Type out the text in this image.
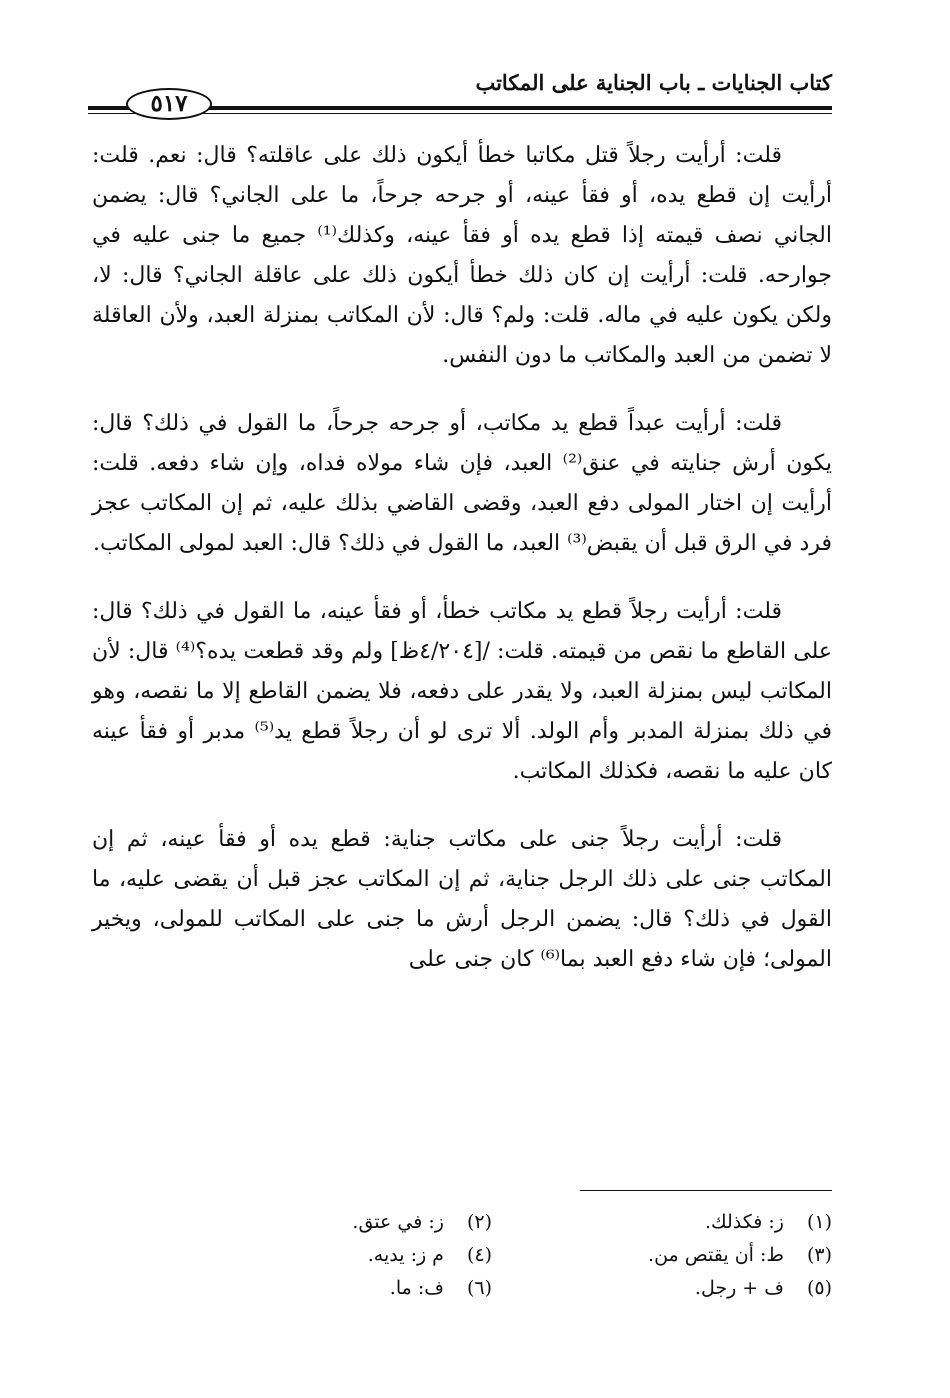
كتاب الجنايات ـ باب الجناية على المكاتب
٥١٧

قلت: أرأيت رجلاً قتل مكاتبا خطأ أيكون ذلك على عاقلته؟ قال: نعم. قلت: أرأيت إن قطع يده، أو فقأ عينه، أو جرحه جرحاً، ما على الجاني؟ قال: يضمن الجاني نصف قيمته إذا قطع يده أو فقأ عينه، وكذلك⁽¹⁾ جميع ما جنى عليه في جوارحه. قلت: أرأيت إن كان ذلك خطأ أيكون ذلك على عاقلة الجاني؟ قال: لا، ولكن يكون عليه في ماله. قلت: ولم؟ قال: لأن المكاتب بمنزلة العبد، ولأن العاقلة لا تضمن من العبد والمكاتب ما دون النفس.

قلت: أرأيت عبداً قطع يد مكاتب، أو جرحه جرحاً، ما القول في ذلك؟ قال: يكون أرش جنايته في عنق⁽²⁾ العبد، فإن شاء مولاه فداه، وإن شاء دفعه. قلت: أرأيت إن اختار المولى دفع العبد، وقضى القاضي بذلك عليه، ثم إن المكاتب عجز فرد في الرق قبل أن يقبض⁽³⁾ العبد، ما القول في ذلك؟ قال: العبد لمولى المكاتب.

قلت: أرأيت رجلاً قطع يد مكاتب خطأ، أو فقأ عينه، ما القول في ذلك؟ قال: على القاطع ما نقص من قيمته. قلت: /[٤/٢٠٤ظ] ولم وقد قطعت يده؟⁽⁴⁾ قال: لأن المكاتب ليس بمنزلة العبد، ولا يقدر على دفعه، فلا يضمن القاطع إلا ما نقصه، وهو في ذلك بمنزلة المدبر وأم الولد. ألا ترى لو أن رجلاً قطع يد⁽⁵⁾ مدبر أو فقأ عينه كان عليه ما نقصه، فكذلك المكاتب.

قلت: أرأيت رجلاً جنى على مكاتب جناية: قطع يده أو فقأ عينه، ثم إن المكاتب جنى على ذلك الرجل جناية، ثم إن المكاتب عجز قبل أن يقضى عليه، ما القول في ذلك؟ قال: يضمن الرجل أرش ما جنى على المكاتب للمولى، ويخير المولى؛ فإن شاء دفع العبد بما⁽⁶⁾ كان جنى على

(١) ز: فكذلك.
(٢) ز: في عتق.
(٣) ط: أن يقتص من.
(٤) م ز: يديه.
(٥) ف + رجل.
(٦) ف: ما.
